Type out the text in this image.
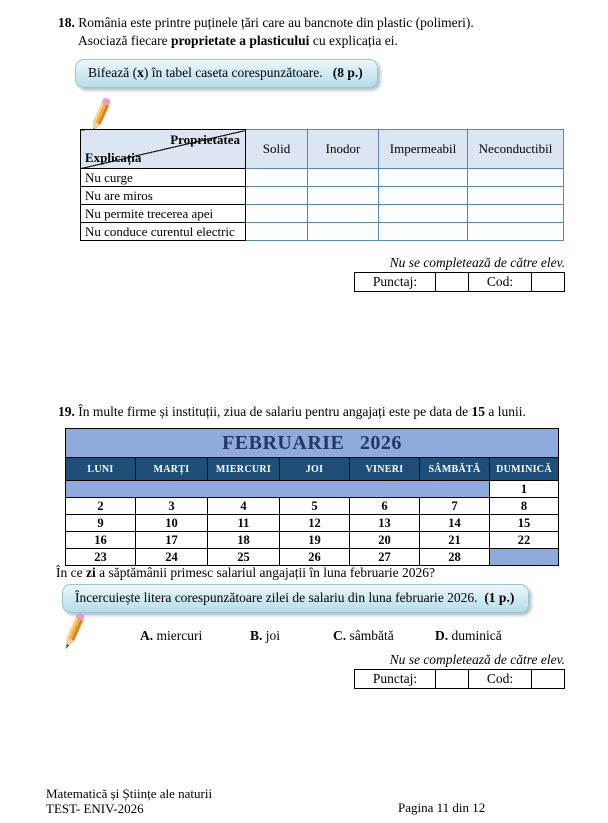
18. România este printre puținele țări care au bancnote din plastic (polimeri).
Asociază fiecare proprietate a plasticului cu explicația ei.
Bifează (x) în tabel caseta corespunzătoare. (8 p.)
Proprietatea
Explicația	Solid	Inodor	Impermeabil	Neconductibil
Nu curge				
Nu are miros				
Nu permite trecerea apei				
Nu conduce curentul electric				
Nu se completează de către elev.
Punctaj:		Cod:	
19. În multe firme și instituții, ziua de salariu pentru angajați este pe data de 15 a lunii.
FEBRUARIE 2026						
LUNI	MARȚI	MIERCURI	JOI	VINERI	SÂMBĂTĂ	DUMINICĂ
						1
2	3	4	5	6	7	8
9	10	11	12	13	14	15
16	17	18	19	20	21	22
23	24	25	26	27	28	
În ce zi a săptămânii primesc salariul angajații în luna februarie 2026?
Încercuiește litera corespunzătoare zilei de salariu din luna februarie 2026. (1 p.)
A. miercuri	B. joi	C. sâmbătă	D. duminică
Nu se completează de către elev.
Punctaj:		Cod:	
Matematică și Științe ale naturii
TEST- ENIV-2026	Pagina 11 din 12
